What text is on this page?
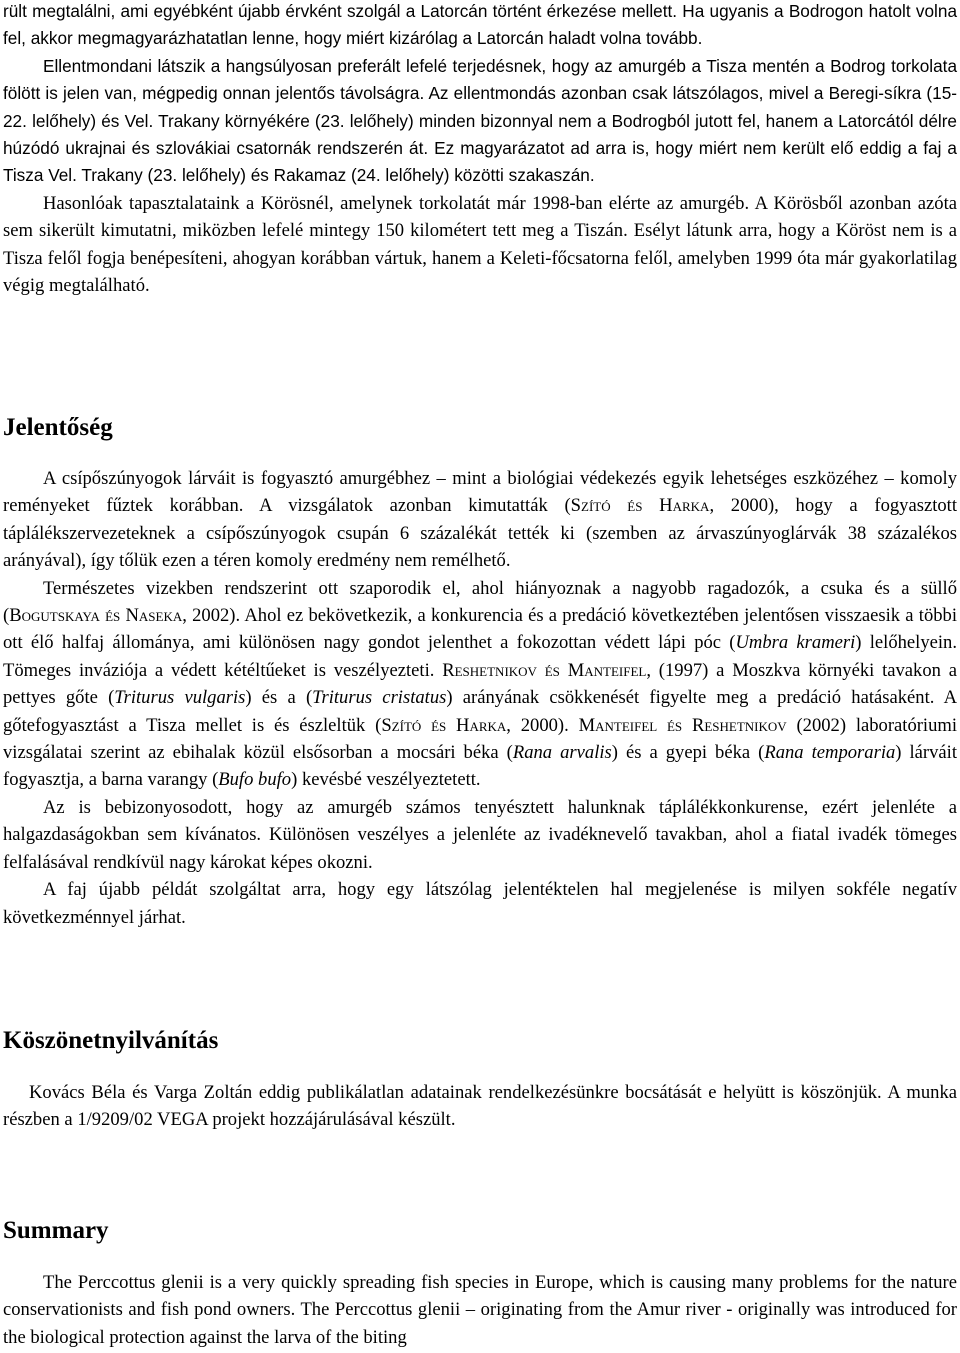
rült megtalálni, ami egyébként újabb érvként szolgál a Latorcán történt érkezése mellett. Ha ugyanis a Bodrogon hatolt volna fel, akkor megmagyarázhatatlan lenne, hogy miért kizárólag a Latorcán haladt volna tovább.

Ellentmondani látszik a hangsúlyosan preferált lefelé terjedésnek, hogy az amurgéb a Tisza mentén a Bodrog torkolata fölött is jelen van, mégpedig onnan jelentős távolságra. Az ellentmondás azonban csak látszólagos, mivel a Beregi-síkra (15-22. lelőhely) és Vel. Trakany környékére (23. lelőhely) minden bizonnyal nem a Bodrogból jutott fel, hanem a Latorcától délre húzódó ukrajnai és szlovákiai csatornák rendszerén át. Ez magyarázatot ad arra is, hogy miért nem került elő eddig a faj a Tisza Vel. Trakany (23. lelőhely) és Rakamaz (24. lelőhely) közötti szakaszán.

Hasonlóak tapasztalataink a Körösnél, amelynek torkolatát már 1998-ban elérte az amurgéb. A Körösből azonban azóta sem sikerült kimutatni, miközben lefelé mintegy 150 kilométert tett meg a Tiszán. Esélyt látunk arra, hogy a Köröst nem is a Tisza felől fogja benépesíteni, ahogyan korábban vártuk, hanem a Keleti-főcsatorna felől, amelyben 1999 óta már gyakorlatilag végig megtalálható.

Jelentőség

A csípőszúnyogok lárváit is fogyasztó amurgébhez – mint a biológiai védekezés egyik lehetséges eszközéhez – komoly reményeket fűztek korábban. A vizsgálatok azonban kimutatták (Szító és Harka, 2000), hogy a fogyasztott táplálékszervezeteknek a csípőszúnyogok csupán 6 százalékát tették ki (szemben az árvaszúnyoglárvák 38 százalékos arányával), így tőlük ezen a téren komoly eredmény nem remélhető.

Természetes vizekben rendszerint ott szaporodik el, ahol hiányoznak a nagyobb ragadozók, a csuka és a süllő (Bogutskaya és Naseka, 2002). Ahol ez bekövetkezik, a konkurencia és a predáció következtében jelentősen visszaesik a többi ott élő halfaj állománya, ami különösen nagy gondot jelenthet a fokozottan védett lápi póc (Umbra krameri) lelőhelyein. Tömeges inváziója a védett kétéltűeket is veszélyezteti. Reshetnikov és Manteifel, (1997) a Moszkva környéki tavakon a pettyes gőte (Triturus vulgaris) és a (Triturus cristatus) arányának csökkenését figyelte meg a predáció hatásaként. A gőtefogyasztást a Tisza mellet is és észleltük (Szító és Harka, 2000). Manteifel és Reshetnikov (2002) laboratóriumi vizsgálatai szerint az ebihalak közül elsősorban a mocsári béka (Rana arvalis) és a gyepi béka (Rana temporaria) lárváit fogyasztja, a barna varangy (Bufo bufo) kevésbé veszélyeztetett.

Az is bebizonyosodott, hogy az amurgéb számos tenyésztett halunknak táplálékkonkurense, ezért jelenléte a halgazdaságokban sem kívánatos. Különösen veszélyes a jelenléte az ivadéknevelő tavakban, ahol a fiatal ivadék tömeges felfalásával rendkívül nagy károkat képes okozni.

A faj újabb példát szolgáltat arra, hogy egy látszólag jelentéktelen hal megjelenése is milyen sokféle negatív következménnyel járhat.

Köszönetnyilvánítás

Kovács Béla és Varga Zoltán eddig publikálatlan adatainak rendelkezésünkre bocsátását e helyütt is köszönjük. A munka részben a 1/9209/02 VEGA projekt hozzájárulásával készült.

Summary

The Perccottus glenii is a very quickly spreading fish species in Europe, which is causing many problems for the nature conservationists and fish pond owners. The Perccottus glenii – originating from the Amur river - originally was introduced for the biological protection against the larva of the biting
